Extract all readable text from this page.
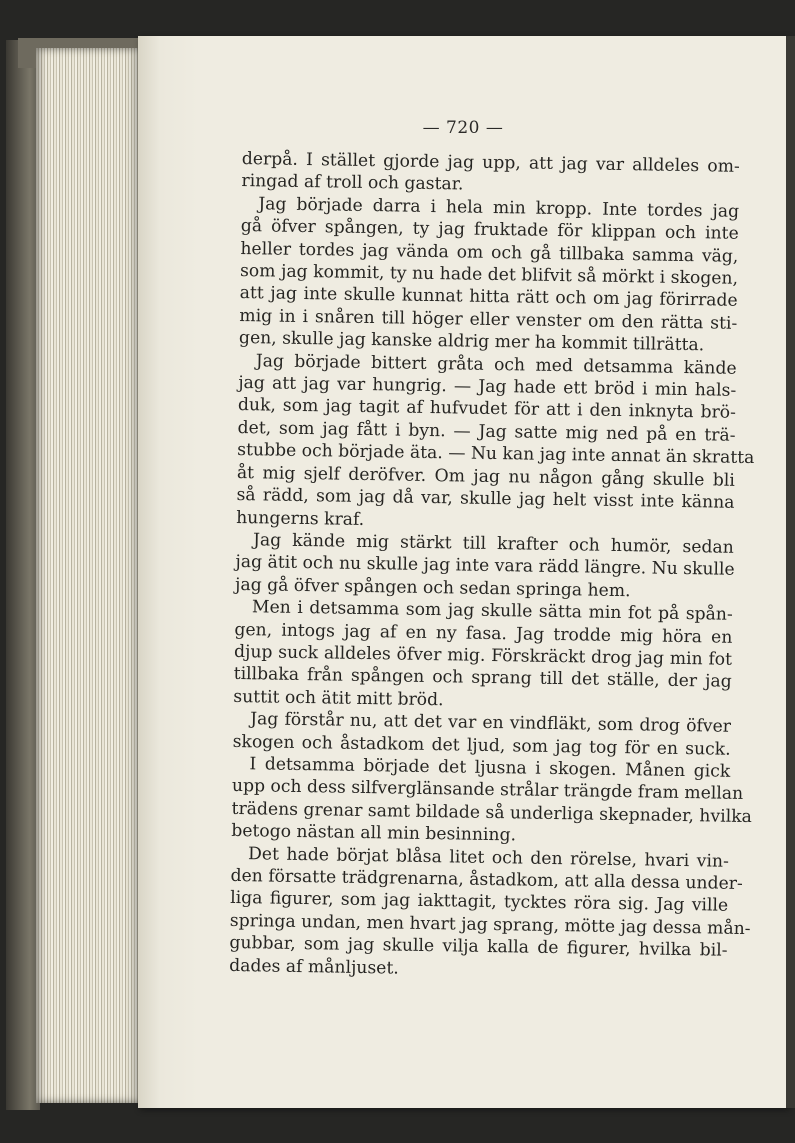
— 720 —
derpå. I stället gjorde jag upp, att jag var alldeles om-
ringad af troll och gastar.
 Jag började darra i hela min kropp. Inte tordes jag
gå öfver spången, ty jag fruktade för klippan och inte
heller tordes jag vända om och gå tillbaka samma väg,
som jag kommit, ty nu hade det blifvit så mörkt i skogen,
att jag inte skulle kunnat hitta rätt och om jag förirrade
mig in i snåren till höger eller venster om den rätta sti-
gen, skulle jag kanske aldrig mer ha kommit tillrätta.
 Jag började bittert gråta och med detsamma kände
jag att jag var hungrig. — Jag hade ett bröd i min hals-
duk, som jag tagit af hufvudet för att i den inknyta brö-
det, som jag fått i byn. — Jag satte mig ned på en trä-
stubbe och började äta. — Nu kan jag inte annat än skratta
åt mig sjelf deröfver. Om jag nu någon gång skulle bli
så rädd, som jag då var, skulle jag helt visst inte känna
hungerns kraf.
 Jag kände mig stärkt till krafter och humör, sedan
jag ätit och nu skulle jag inte vara rädd längre. Nu skulle
jag gå öfver spången och sedan springa hem.
 Men i detsamma som jag skulle sätta min fot på spån-
gen, intogs jag af en ny fasa. Jag trodde mig höra en
djup suck alldeles öfver mig. Förskräckt drog jag min fot
tillbaka från spången och sprang till det ställe, der jag
suttit och ätit mitt bröd.
 Jag förstår nu, att det var en vindfläkt, som drog öfver
skogen och åstadkom det ljud, som jag tog för en suck.
 I detsamma började det ljusna i skogen. Månen gick
upp och dess silfverglänsande strålar trängde fram mellan
trädens grenar samt bildade så underliga skepnader, hvilka
betogo nästan all min besinning.
 Det hade börjat blåsa litet och den rörelse, hvari vin-
den försatte trädgrenarna, åstadkom, att alla dessa under-
liga figurer, som jag iakttagit, tycktes röra sig. Jag ville
springa undan, men hvart jag sprang, mötte jag dessa mån-
gubbar, som jag skulle vilja kalla de figurer, hvilka bil-
dades af månljuset.
